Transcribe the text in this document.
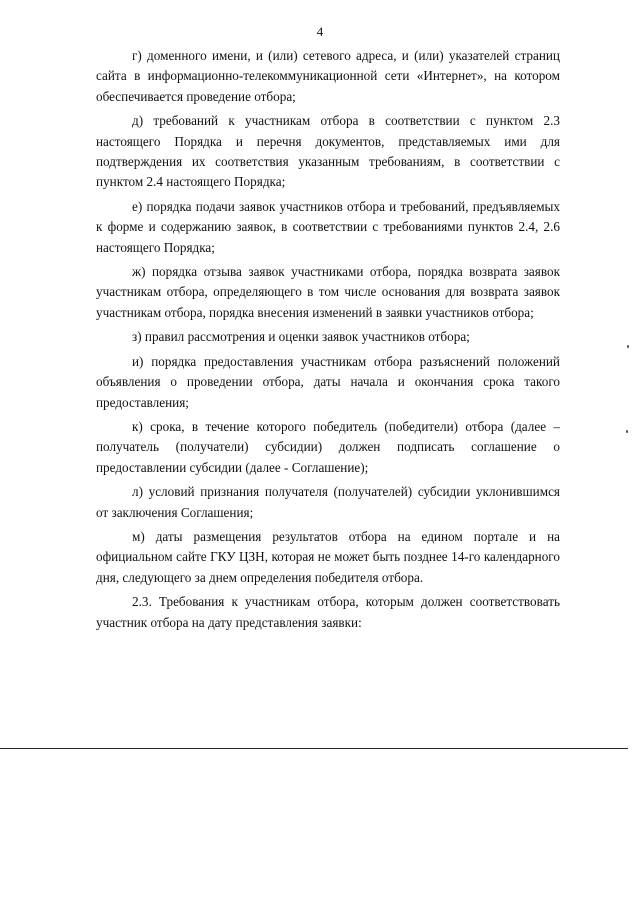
4

г) доменного имени, и (или) сетевого адреса, и (или) указателей страниц сайта в информационно-телекоммуникационной сети «Интернет», на котором обеспечивается проведение отбора;

д) требований к участникам отбора в соответствии с пунктом 2.3 настоящего Порядка и перечня документов, представляемых ими для подтверждения их соответствия указанным требованиям, в соответствии с пунктом 2.4 настоящего Порядка;

е) порядка подачи заявок участников отбора и требований, предъявляемых к форме и содержанию заявок, в соответствии с требованиями пунктов 2.4, 2.6 настоящего Порядка;

ж) порядка отзыва заявок участниками отбора, порядка возврата заявок участникам отбора, определяющего в том числе основания для возврата заявок участникам отбора, порядка внесения изменений в заявки участников отбора;

з) правил рассмотрения и оценки заявок участников отбора;

и) порядка предоставления участникам отбора разъяснений положений объявления о проведении отбора, даты начала и окончания срока такого предоставления;

к) срока, в течение которого победитель (победители) отбора (далее – получатель (получатели) субсидии) должен подписать соглашение о предоставлении субсидии (далее - Соглашение);

л) условий признания получателя (получателей) субсидии уклонившимся от заключения Соглашения;

м) даты размещения результатов отбора на едином портале и на официальном сайте ГКУ ЦЗН, которая не может быть позднее 14-го календарного дня, следующего за днем определения победителя отбора.

2.3. Требования к участникам отбора, которым должен соответствовать участник отбора на дату представления заявки:
